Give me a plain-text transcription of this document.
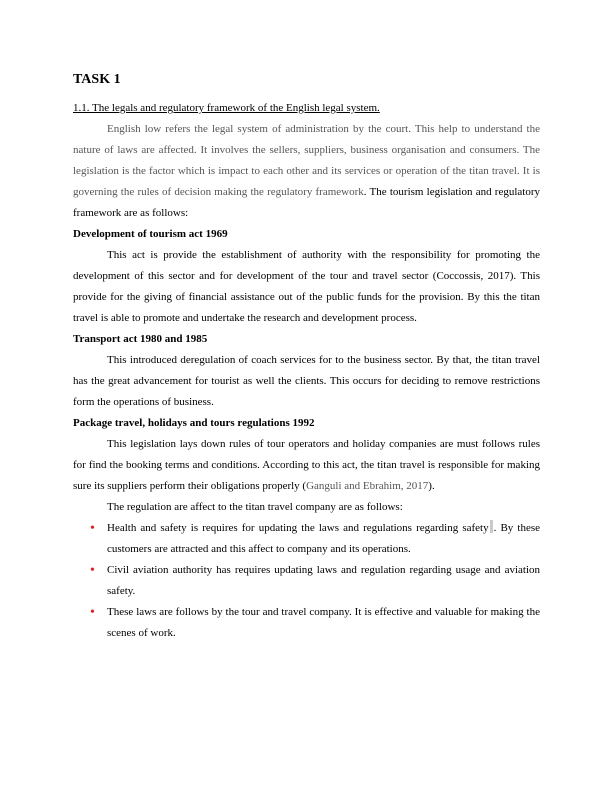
TASK 1

1.1. The legals and regulatory framework of the English legal system.

English low refers the legal system of administration by the court. This help to understand the nature of laws are affected. It involves the sellers, suppliers, business organisation and consumers. The legislation is the factor which is impact to each other and its services or operation of the titan travel. It is governing the rules of decision making the regulatory framework. The tourism legislation and regulatory framework are as follows:

Development of tourism act 1969

This act is provide the establishment of authority with the responsibility for promoting the development of this sector and for development of the tour and travel sector (Coccossis, 2017). This provide for the giving of financial assistance out of the public funds for the provision. By this the titan travel is able to promote and undertake the research and development process.

Transport act 1980 and 1985

This introduced deregulation of coach services for to the business sector. By that, the titan travel has the great advancement for tourist as well the clients. This occurs for deciding to remove restrictions form the operations of business.

Package travel, holidays and tours regulations 1992

This legislation lays down rules of tour operators and holiday companies are must follows rules for find the booking terms and conditions. According to this act, the titan travel is responsible for making sure its suppliers perform their obligations properly (Ganguli and Ebrahim, 2017).

The regulation are affect to the titan travel company are as follows:

• Health and safety is requires for updating the laws and regulations regarding safety . By these customers are attracted and this affect to company and its operations.
• Civil aviation authority has requires updating laws and regulation regarding usage and aviation safety.
• These laws are follows by the tour and travel company. It is effective and valuable for making the scenes of work.
